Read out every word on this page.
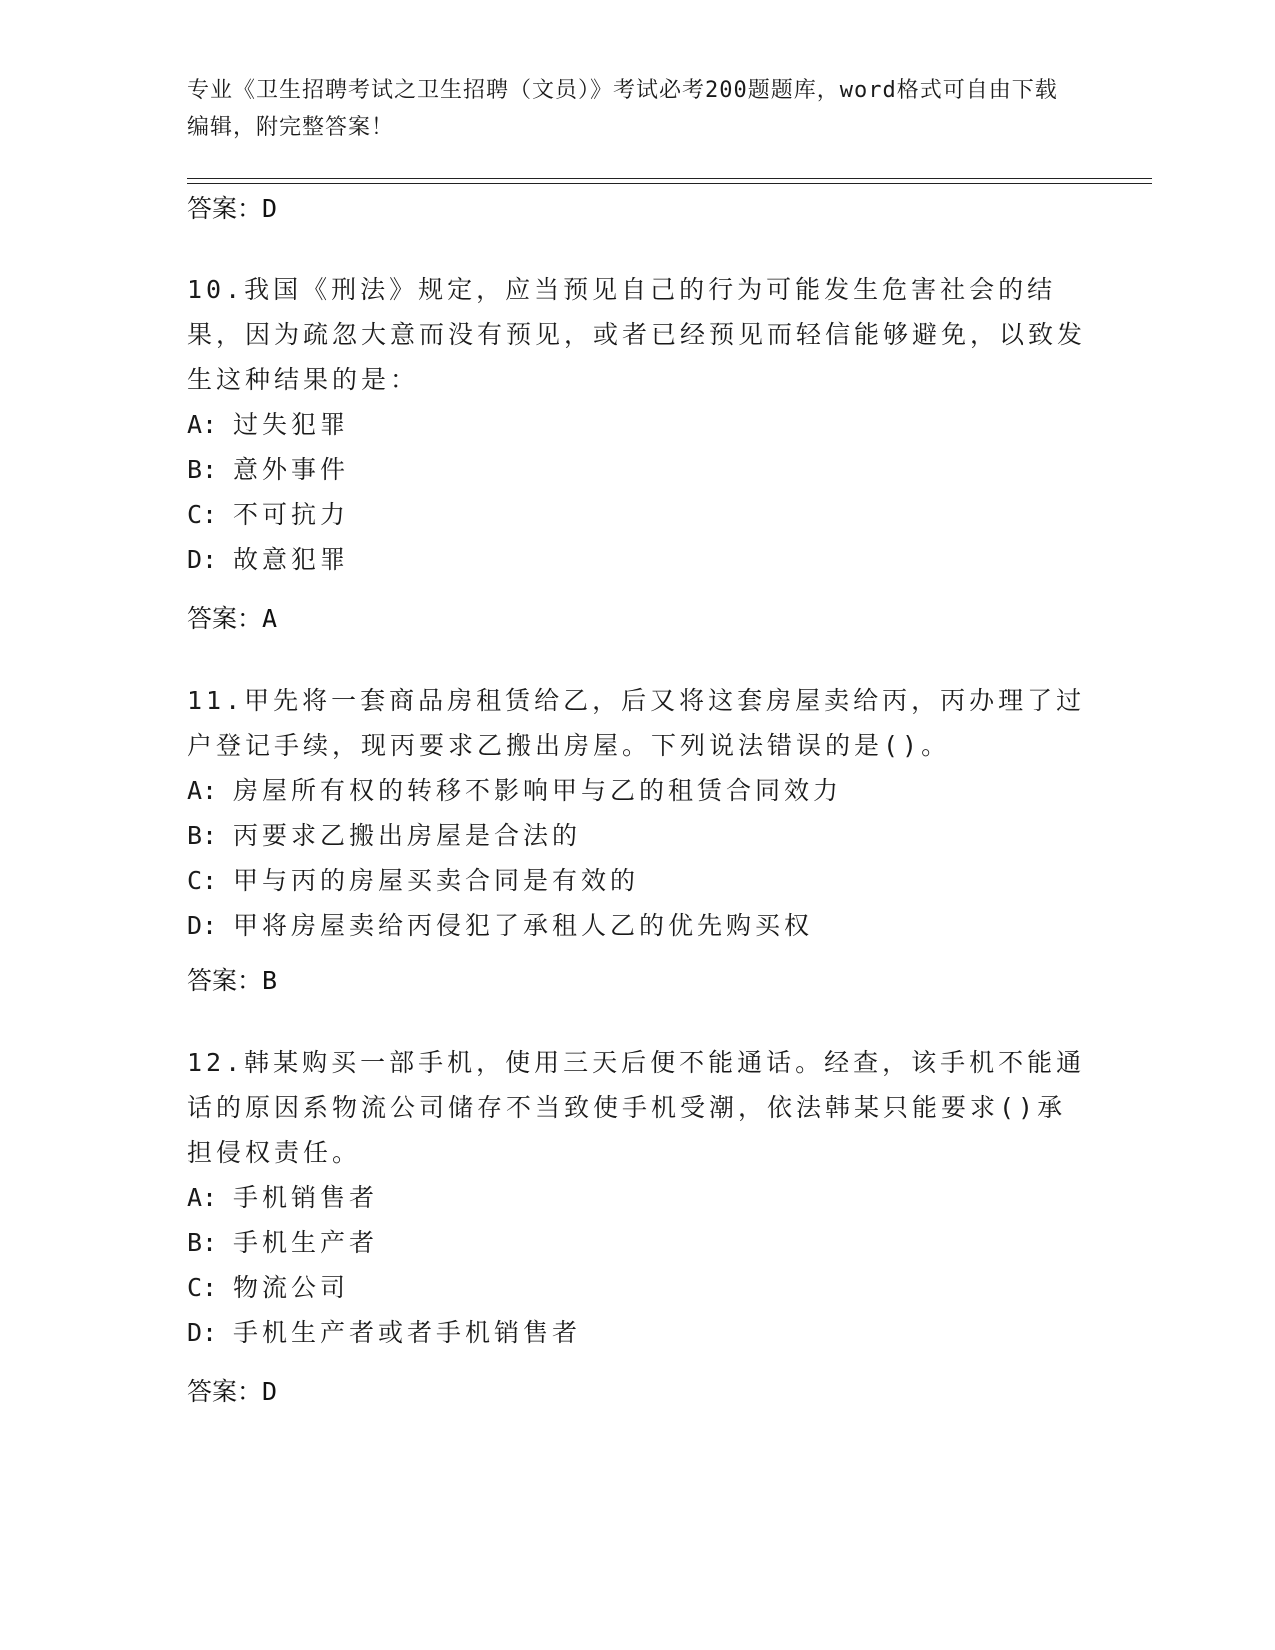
专业《卫生招聘考试之卫生招聘（文员）》考试必考200题题库，word格式可自由下载编辑，附完整答案！
答案：D

10.我国《刑法》规定，应当预见自己的行为可能发生危害社会的结果，因为疏忽大意而没有预见，或者已经预见而轻信能够避免，以致发生这种结果的是：

A: 过失犯罪
B: 意外事件
C: 不可抗力
D: 故意犯罪
答案：A

11.甲先将一套商品房租赁给乙，后又将这套房屋卖给丙，丙办理了过户登记手续，现丙要求乙搬出房屋。下列说法错误的是()。

A: 房屋所有权的转移不影响甲与乙的租赁合同效力
B: 丙要求乙搬出房屋是合法的
C: 甲与丙的房屋买卖合同是有效的
D: 甲将房屋卖给丙侵犯了承租人乙的优先购买权
答案：B

12.韩某购买一部手机，使用三天后便不能通话。经查，该手机不能通话的原因系物流公司储存不当致使手机受潮，依法韩某只能要求()承担侵权责任。

A: 手机销售者
B: 手机生产者
C: 物流公司
D: 手机生产者或者手机销售者
答案：D
